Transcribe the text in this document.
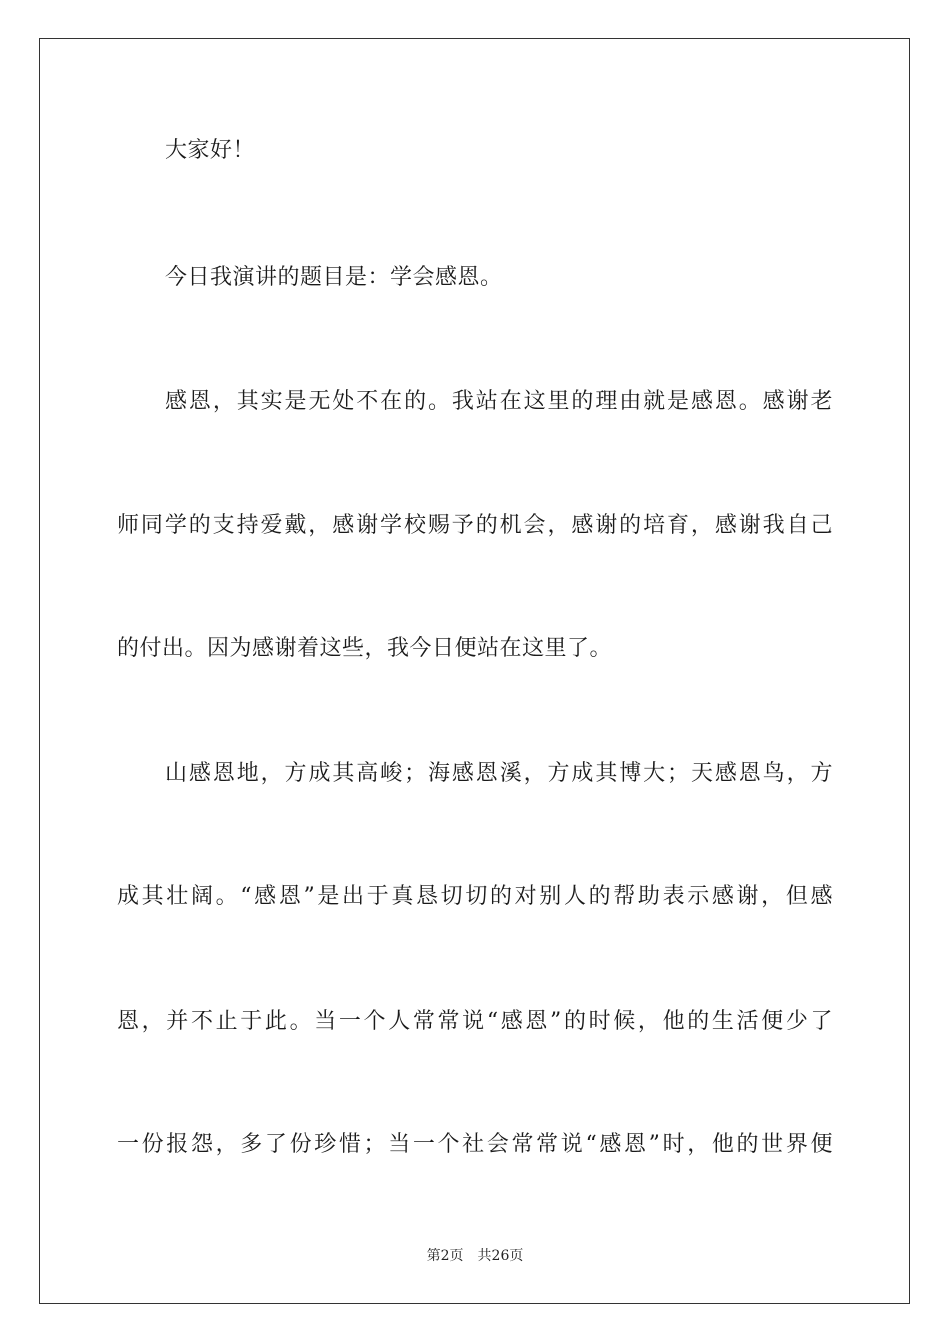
大家好！
今日我演讲的题目是：学会感恩。
感恩，其实是无处不在的。我站在这里的理由就是感恩。感谢老
师同学的支持爱戴，感谢学校赐予的机会，感谢的培育，感谢我自己
的付出。因为感谢着这些，我今日便站在这里了。
山感恩地，方成其高峻；海感恩溪，方成其博大；天感恩鸟，方
成其壮阔。“感恩”是出于真恳切切的对别人的帮助表示感谢，但感
恩，并不止于此。当一个人常常说“感恩”的时候，他的生活便少了
一份报怨，多了份珍惜；当一个社会常常说“感恩”时，他的世界便
第2页 共26页
